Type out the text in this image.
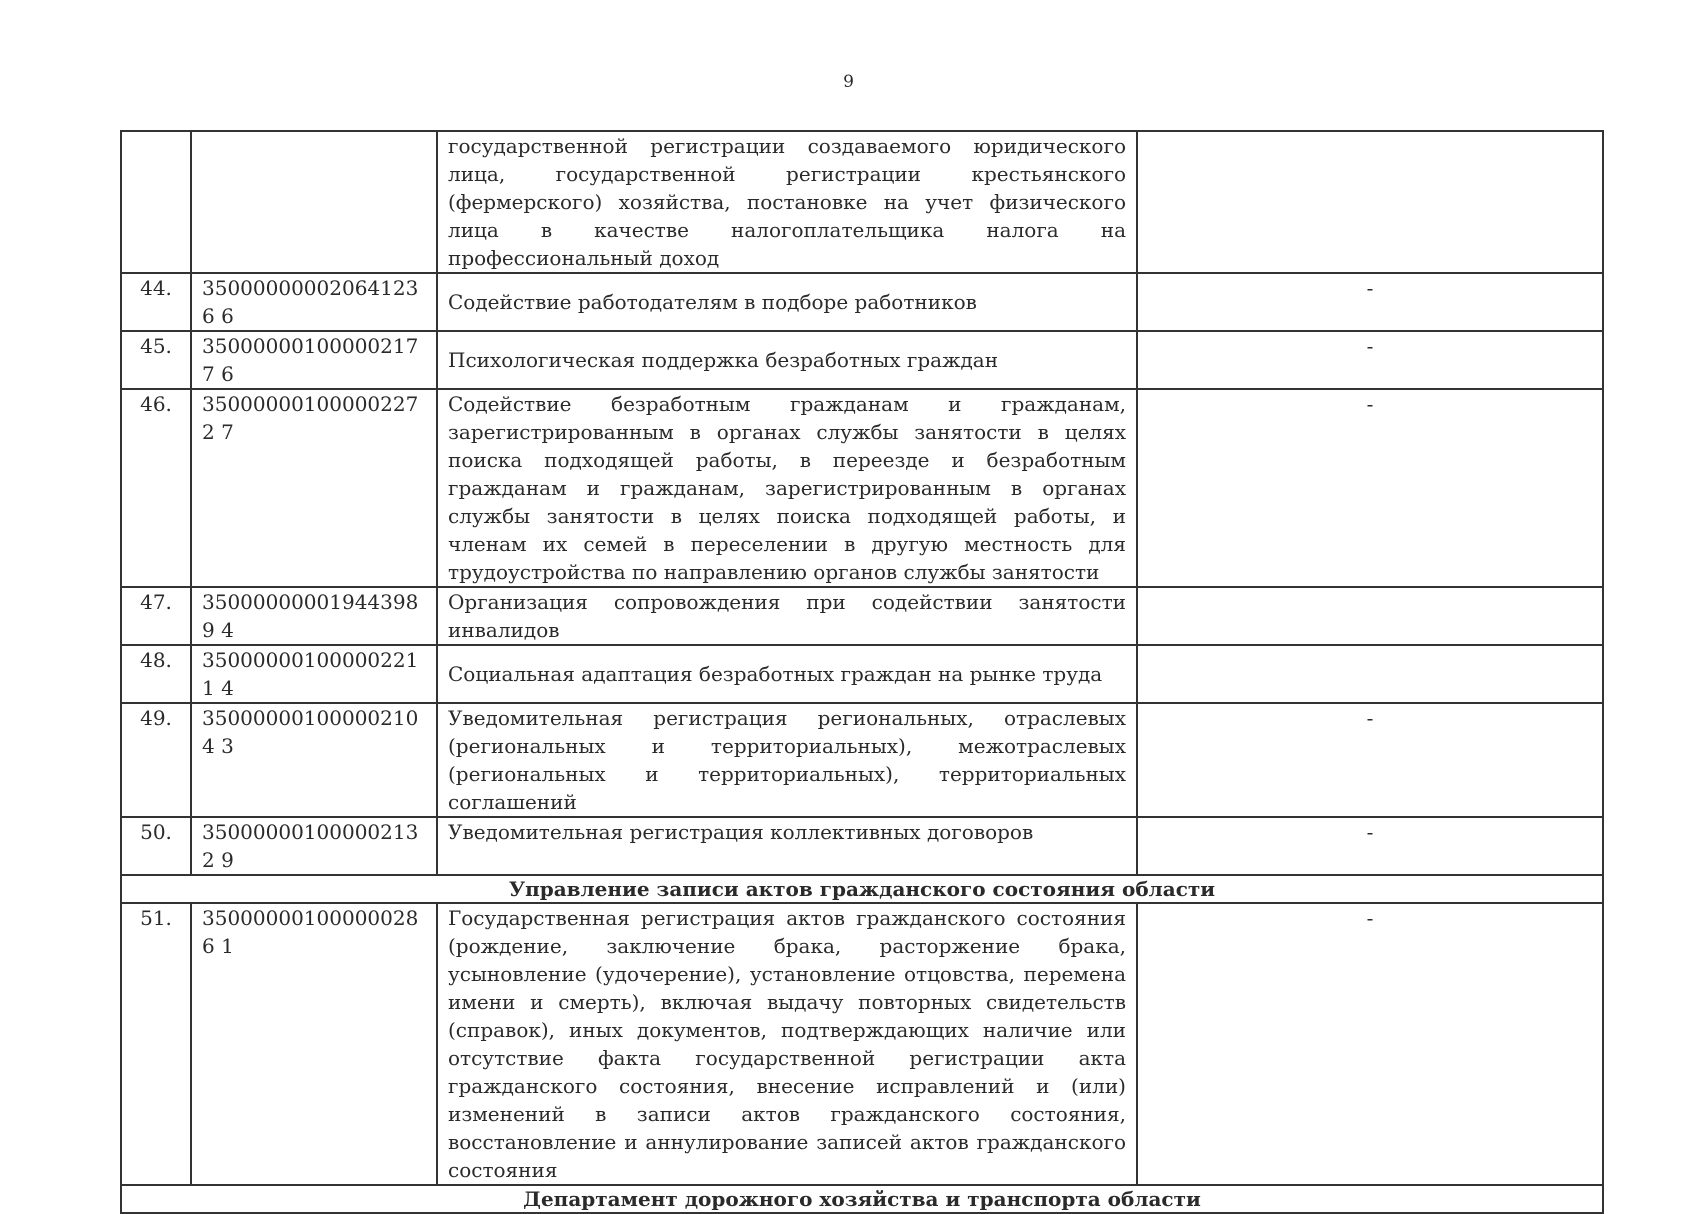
9
		государственной регистрации создаваемого юридического лица, государственной регистрации крестьянского (фермерского) хозяйства, постановке на учет физического лица в качестве налогоплательщика налога на профессиональный доход	
44.	350000000020641236 6	Содействие работодателям в подборе работников	-
45.	350000001000002177 6	Психологическая поддержка безработных граждан	-
46.	350000001000002272 7	Содействие безработным гражданам и гражданам, зарегистрированным в органах службы занятости в целях поиска подходящей работы, в переезде и безработным гражданам и гражданам, зарегистрированным в органах службы занятости в целях поиска подходящей работы, и членам их семей в переселении в другую местность для трудоустройства по направлению органов службы занятости	-
47.	350000000019443989 4	Организация сопровождения при содействии занятости инвалидов	
48.	350000001000002211 4	Социальная адаптация безработных граждан на рынке труда	
49.	350000001000002104 3	Уведомительная регистрация региональных, отраслевых (региональных и территориальных), межотраслевых (региональных и территориальных), территориальных соглашений	-
50.	350000001000002132 9	Уведомительная регистрация коллективных договоров	-
Управление записи актов гражданского состояния области			
51.	350000001000000286 1	Государственная регистрация актов гражданского состояния (рождение, заключение брака, расторжение брака, усыновление (удочерение), установление отцовства, перемена имени и смерть), включая выдачу повторных свидетельств (справок), иных документов, подтверждающих наличие или отсутствие факта государственной регистрации акта гражданского состояния, внесение исправлений и (или) изменений в записи актов гражданского состояния, восстановление и аннулирование записей актов гражданского состояния	-
Департамент дорожного хозяйства и транспорта области			
